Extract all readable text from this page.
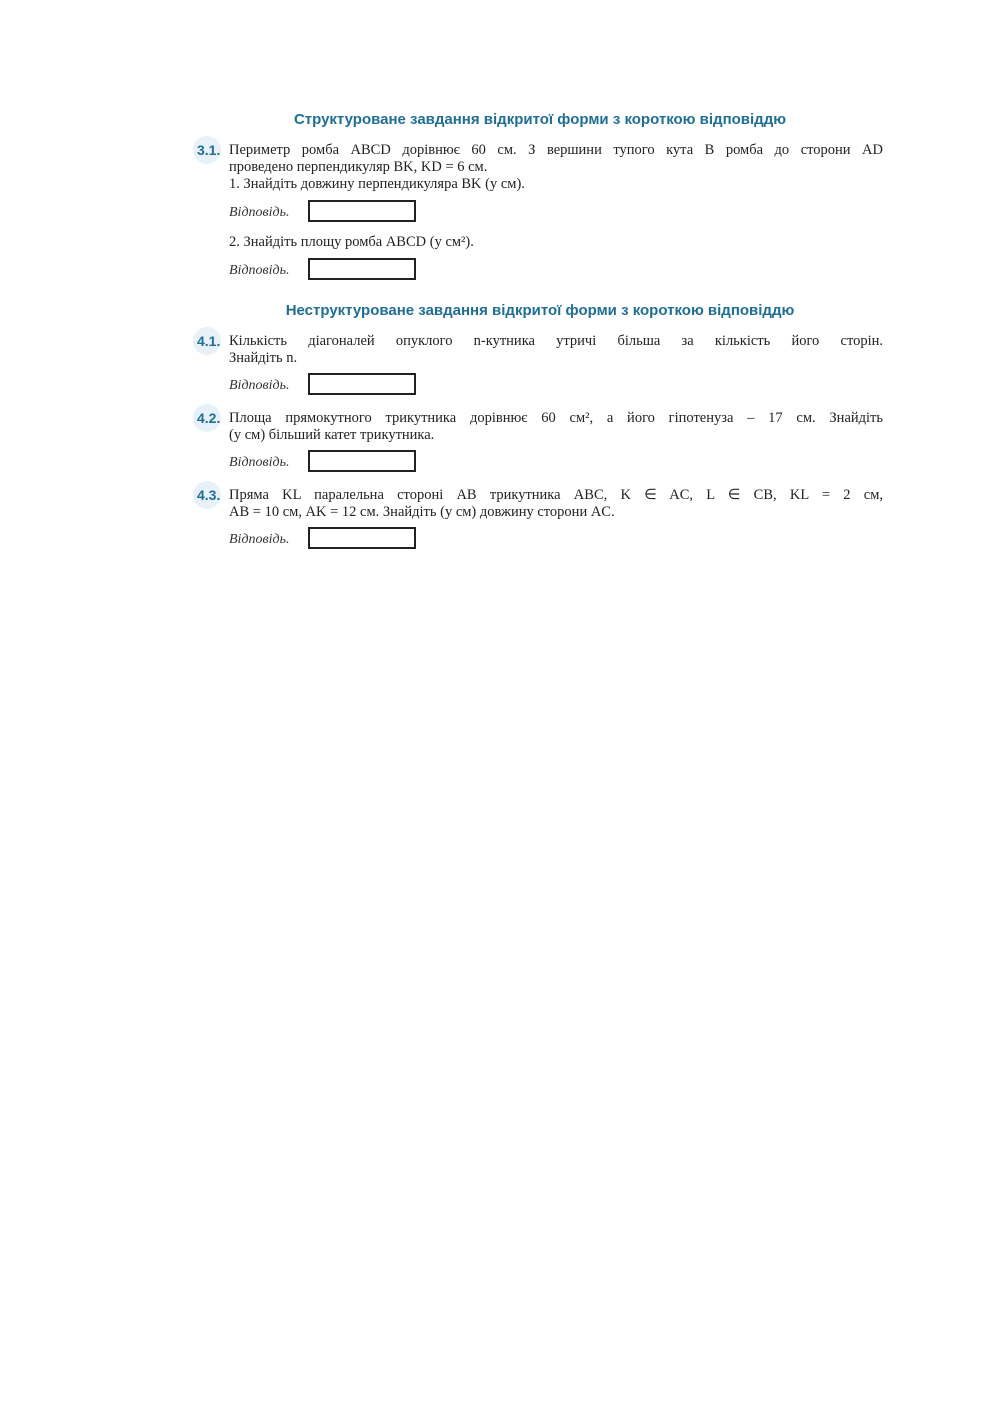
Структуроване завдання відкритої форми з короткою відповіддю
3.1. Периметр ромба ABCD дорівнює 60 см. З вершини тупого кута B ромба до сторони AD
проведено перпендикуляр BK, KD = 6 см.
1. Знайдіть довжину перпендикуляра BK (у см).
Відповідь.
2. Знайдіть площу ромба ABCD (у см²).
Відповідь.
Неструктуроване завдання відкритої форми з короткою відповіддю
4.1. Кількість діагоналей опуклого n-кутника утричі більша за кількість його сторін.
Знайдіть n.
Відповідь.
4.2. Площа прямокутного трикутника дорівнює 60 см², а його гіпотенуза – 17 см. Знайдіть
(у см) більший катет трикутника.
Відповідь.
4.3. Пряма KL паралельна стороні AB трикутника ABC, K ∈ AC, L ∈ CB, KL = 2 см,
AB = 10 см, AK = 12 см. Знайдіть (у см) довжину сторони AC.
Відповідь.
